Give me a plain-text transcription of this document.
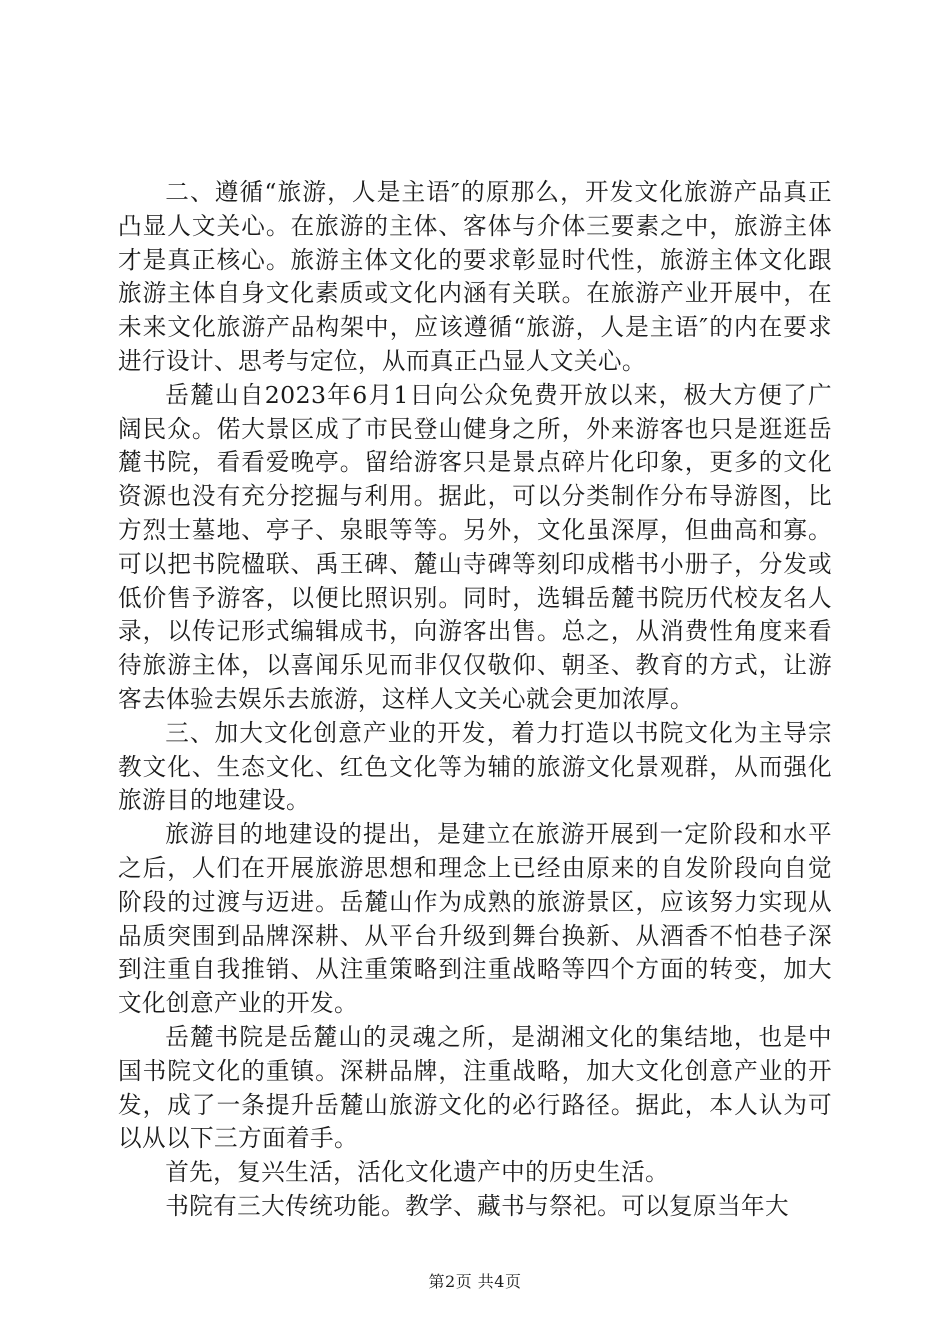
二、遵循“旅游，人是主语″的原那么，开发文化旅游产品真正凸显人文关心。在旅游的主体、客体与介体三要素之中，旅游主体才是真正核心。旅游主体文化的要求彰显时代性，旅游主体文化跟旅游主体自身文化素质或文化内涵有关联。在旅游产业开展中，在未来文化旅游产品构架中，应该遵循“旅游，人是主语″的内在要求进行设计、思考与定位，从而真正凸显人文关心。

岳麓山自2023年6月1日向公众免费开放以来，极大方便了广阔民众。偌大景区成了市民登山健身之所，外来游客也只是逛逛岳麓书院，看看爱晚亭。留给游客只是景点碎片化印象，更多的文化资源也没有充分挖掘与利用。据此，可以分类制作分布导游图，比方烈士墓地、亭子、泉眼等等。另外，文化虽深厚，但曲高和寡。可以把书院楹联、禹王碑、麓山寺碑等刻印成楷书小册子，分发或低价售予游客，以便比照识别。同时，选辑岳麓书院历代校友名人录，以传记形式编辑成书，向游客出售。总之，从消费性角度来看待旅游主体，以喜闻乐见而非仅仅敬仰、朝圣、教育的方式，让游客去体验去娱乐去旅游，这样人文关心就会更加浓厚。

三、加大文化创意产业的开发，着力打造以书院文化为主导宗教文化、生态文化、红色文化等为辅的旅游文化景观群，从而强化旅游目的地建设。

旅游目的地建设的提出，是建立在旅游开展到一定阶段和水平之后，人们在开展旅游思想和理念上已经由原来的自发阶段向自觉阶段的过渡与迈进。岳麓山作为成熟的旅游景区，应该努力实现从品质突围到品牌深耕、从平台升级到舞台换新、从酒香不怕巷子深到注重自我推销、从注重策略到注重战略等四个方面的转变，加大文化创意产业的开发。

岳麓书院是岳麓山的灵魂之所，是湖湘文化的集结地，也是中国书院文化的重镇。深耕品牌，注重战略，加大文化创意产业的开发，成了一条提升岳麓山旅游文化的必行路径。据此，本人认为可以从以下三方面着手。

首先，复兴生活，活化文化遗产中的历史生活。

书院有三大传统功能。教学、藏书与祭祀。可以复原当年大

第2页 共4页
